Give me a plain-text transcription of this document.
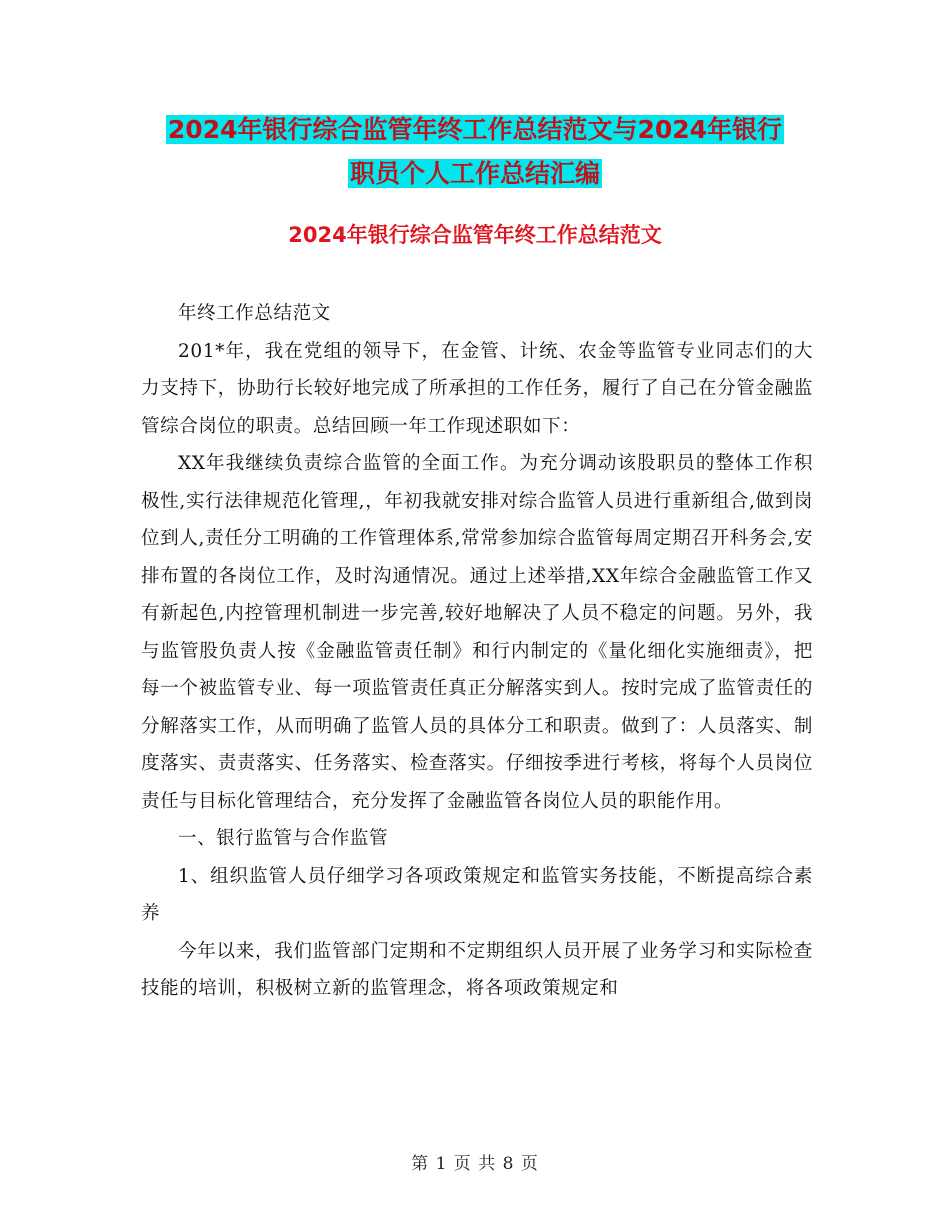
2024年银行综合监管年终工作总结范文与2024年银行
职员个人工作总结汇编
2024年银行综合监管年终工作总结范文

年终工作总结范文

201*年，我在党组的领导下，在金管、计统、农金等监管专业同志们的大力支持下，协助行长较好地完成了所承担的工作任务，履行了自己在分管金融监管综合岗位的职责。总结回顾一年工作现述职如下：

XX年我继续负责综合监管的全面工作。为充分调动该股职员的整体工作积极性,实行法律规范化管理,，年初我就安排对综合监管人员进行重新组合,做到岗位到人,责任分工明确的工作管理体系,常常参加综合监管每周定期召开科务会,安排布置的各岗位工作，及时沟通情况。通过上述举措,XX年综合金融监管工作又有新起色,内控管理机制进一步完善,较好地解决了人员不稳定的问题。另外，我与监管股负责人按《金融监管责任制》和行内制定的《量化细化实施细责》，把每一个被监管专业、每一项监管责任真正分解落实到人。按时完成了监管责任的分解落实工作，从而明确了监管人员的具体分工和职责。做到了：人员落实、制度落实、责责落实、任务落实、检查落实。仔细按季进行考核，将每个人员岗位责任与目标化管理结合，充分发挥了金融监管各岗位人员的职能作用。

一、银行监管与合作监管

1、组织监管人员仔细学习各项政策规定和监管实务技能，不断提高综合素养

今年以来，我们监管部门定期和不定期组织人员开展了业务学习和实际检查技能的培训，积极树立新的监管理念，将各项政策规定和

第 1 页 共 8 页
